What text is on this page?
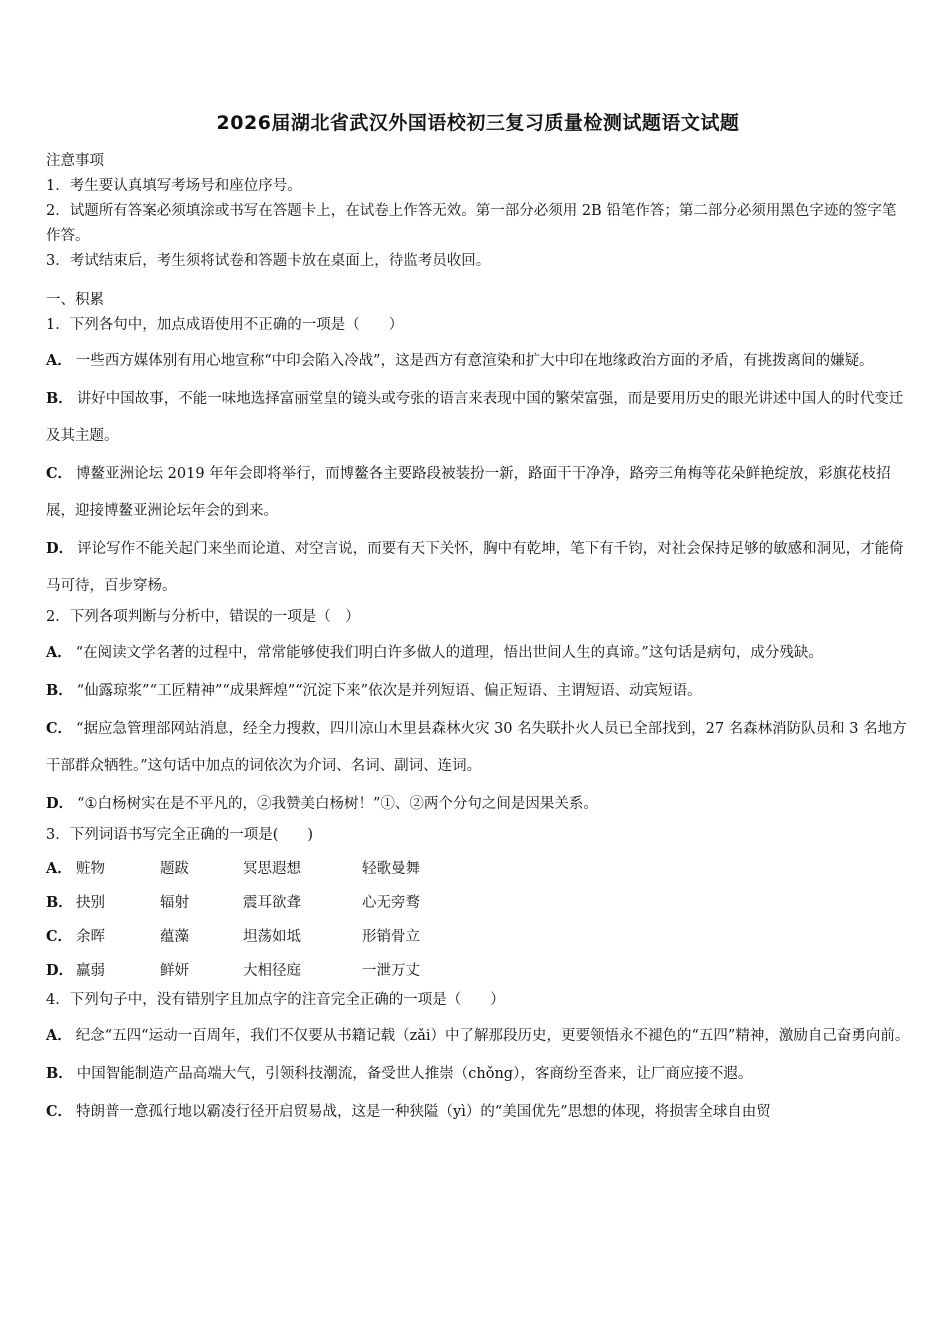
2026届湖北省武汉外国语校初三复习质量检测试题语文试题

注意事项

1．考生要认真填写考场号和座位序号。

2．试题所有答案必须填涂或书写在答题卡上，在试卷上作答无效。第一部分必须用 2B 铅笔作答；第二部分必须用黑色字迹的签字笔作答。

3．考试结束后，考生须将试卷和答题卡放在桌面上，待监考员收回。

一、积累

1．下列各句中，加点成语使用不正确的一项是（　　）

A． 一些西方媒体别有用心地宣称“中印会陷入冷战”，这是西方有意渲染和扩大中印在地缘政治方面的矛盾，有挑拨离间的嫌疑。

B． 讲好中国故事，不能一味地选择富丽堂皇的镜头或夸张的语言来表现中国的繁荣富强，而是要用历史的眼光讲述中国人的时代变迁及其主题。

C． 博鳌亚洲论坛 2019 年年会即将举行，而博鳌各主要路段被装扮一新，路面干干净净，路旁三角梅等花朵鲜艳绽放，彩旗花枝招展，迎接博鳌亚洲论坛年会的到来。

D． 评论写作不能关起门来坐而论道、对空言说，而要有天下关怀，胸中有乾坤，笔下有千钧，对社会保持足够的敏感和洞见，才能倚马可待，百步穿杨。

2．下列各项判断与分析中，错误的一项是（　）

A． “在阅读文学名著的过程中，常常能够使我们明白许多做人的道理，悟出世间人生的真谛。”这句话是病句，成分残缺。

B． “仙露琼浆”“工匠精神”“成果辉煌”“沉淀下来”依次是并列短语、偏正短语、主谓短语、动宾短语。

C． “据应急管理部网站消息，经全力搜救，四川凉山木里县森林火灾 30 名失联扑火人员已全部找到，27 名森林消防队员和 3 名地方干部群众牺牲。”这句话中加点的词依次为介词、名词、副词、连词。

D． “①白杨树实在是不平凡的，②我赞美白杨树！”①、②两个分句之间是因果关系。

3．下列词语书写完全正确的一项是(　　)

A． 赃物	题跋	冥思遐想	轻歌曼舞

B． 抉别	辐射	震耳欲聋	心无旁骛

C． 余晖	蕴藻	坦荡如坻	形销骨立

D． 羸弱	鲜妍	大相径庭	一泄万丈

4．下列句子中，没有错别字且加点字的注音完全正确的一项是（　　）

A． 纪念“五四“运动一百周年，我们不仅要从书籍记载（zǎi）中了解那段历史，更要领悟永不褪色的“五四”精神，激励自己奋勇向前。

B． 中国智能制造产品高端大气，引领科技潮流，备受世人推崇（chǒng），客商纷至沓来，让厂商应接不遐。

C． 特朗普一意孤行地以霸凌行径开启贸易战，这是一种狭隘（yì）的“美国优先”思想的体现，将损害全球自由贸
